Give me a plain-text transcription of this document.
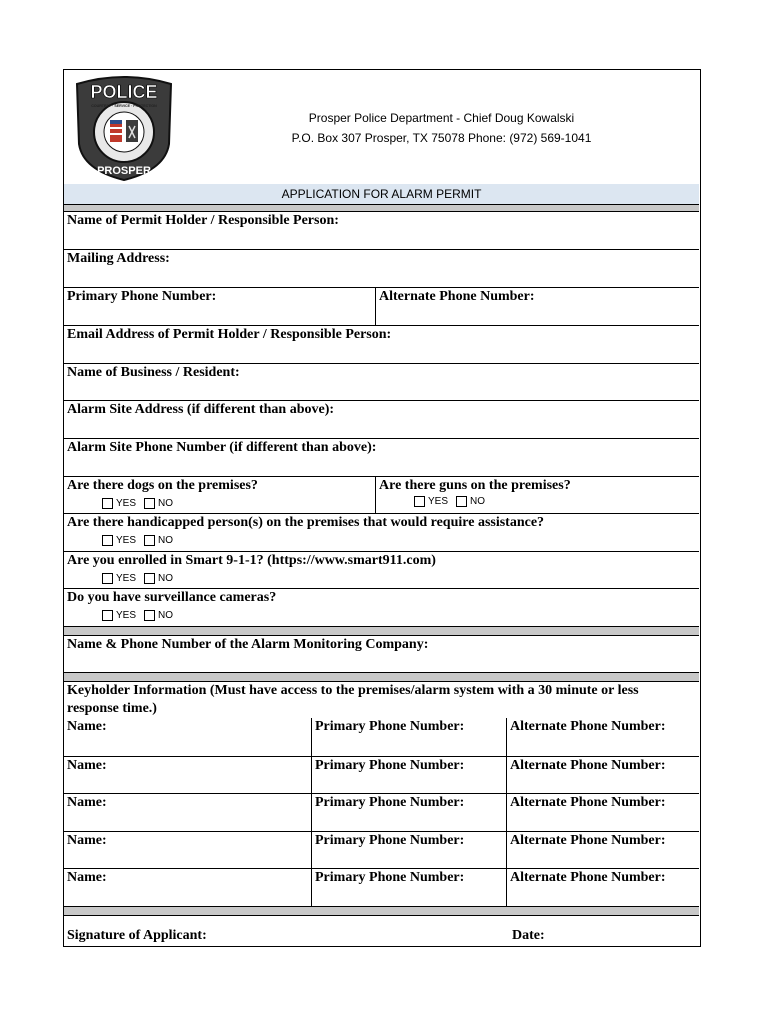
POLICE
PROSPER
COURTESY · SERVICE · PROTECTION
Prosper Police Department - Chief Doug Kowalski
P.O. Box 307 Prosper, TX 75078 Phone: (972) 569-1041
APPLICATION FOR ALARM PERMIT
Name of Permit Holder / Responsible Person:
Mailing Address:
Primary Phone Number:	Alternate Phone Number:
Email Address of Permit Holder / Responsible Person:
Name of Business / Resident:
Alarm Site Address (if different than above):
Alarm Site Phone Number (if different than above):
Are there dogs on the premises?
YES NO
Are there guns on the premises?
YES NO
Are there handicapped person(s) on the premises that would require assistance?
YES NO
Are you enrolled in Smart 9-1-1? (https://www.smart911.com)
YES NO
Do you have surveillance cameras?
YES NO
Name & Phone Number of the Alarm Monitoring Company:
Keyholder Information (Must have access to the premises/alarm system with a 30 minute or less response time.)
Signature of Applicant:	Date:
Name:	Primary Phone Number:	Alternate Phone Number:
Name:	Primary Phone Number:	Alternate Phone Number:
Name:	Primary Phone Number:	Alternate Phone Number:
Name:	Primary Phone Number:	Alternate Phone Number:
Name:	Primary Phone Number:	Alternate Phone Number:
